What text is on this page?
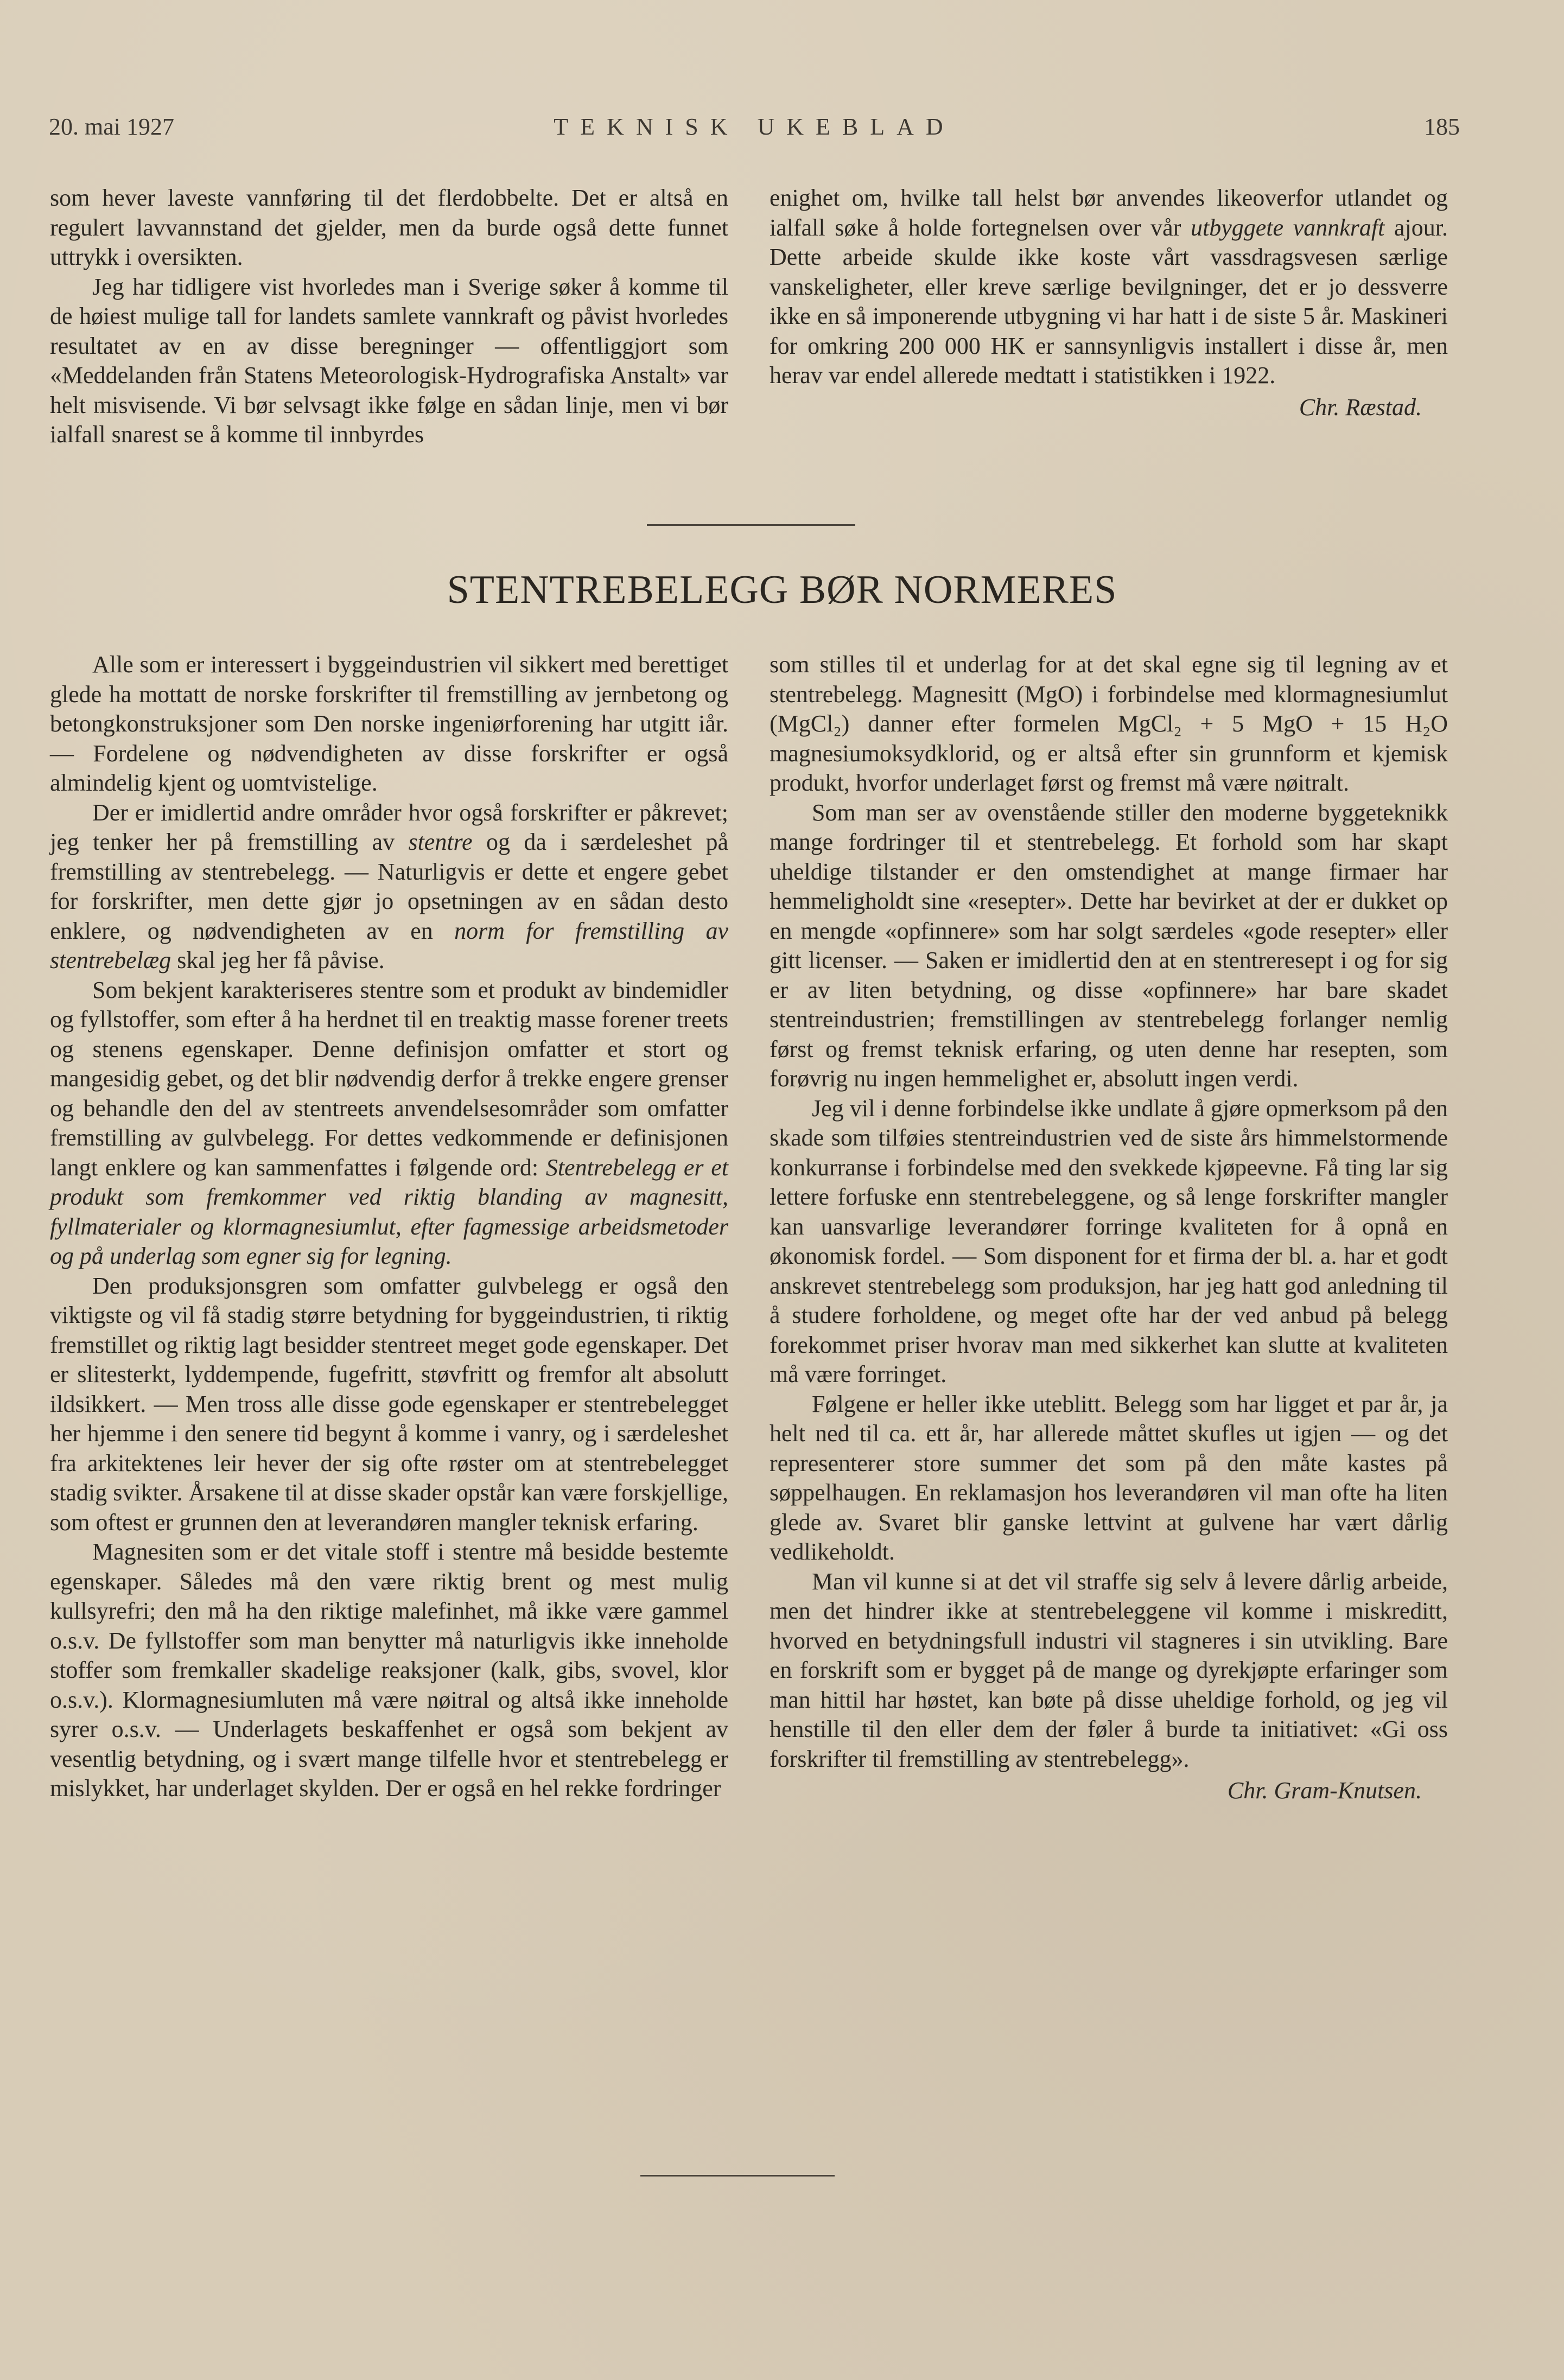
20. mai 1927	TEKNISK UKEBLAD	185

som hever laveste vannføring til det flerdobbelte. Det er altså en regulert lavvannstand det gjelder, men da burde også dette funnet uttrykk i oversikten.

Jeg har tidligere vist hvorledes man i Sverige søker å komme til de høiest mulige tall for landets samlete vannkraft og påvist hvorledes resultatet av en av disse beregninger — offentliggjort som «Meddelanden från Statens Meteorologisk-Hydrografiska Anstalt» var helt misvisende. Vi bør selvsagt ikke følge en sådan linje, men vi bør ialfall snarest se å komme til innbyrdes

enighet om, hvilke tall helst bør anvendes likeoverfor utlandet og ialfall søke å holde fortegnelsen over vår utbyggete vannkraft ajour. Dette arbeide skulde ikke koste vårt vassdragsvesen særlige vanskeligheter, eller kreve særlige bevilgninger, det er jo dessverre ikke en så imponerende utbygning vi har hatt i de siste 5 år. Maskineri for omkring 200 000 HK er sannsynligvis installert i disse år, men herav var endel allerede medtatt i statistikken i 1922.

Chr. Ræstad.

STENTREBELEGG BØR NORMERES

Alle som er interessert i byggeindustrien vil sikkert med berettiget glede ha mottatt de norske forskrifter til fremstilling av jernbetong og betongkonstruksjoner som Den norske ingeniørforening har utgitt iår. — Fordelene og nødvendigheten av disse forskrifter er også almindelig kjent og uomtvistelige.

Der er imidlertid andre områder hvor også forskrifter er påkrevet; jeg tenker her på fremstilling av stentre og da i særdeleshet på fremstilling av stentrebelegg. — Naturligvis er dette et engere gebet for forskrifter, men dette gjør jo opsetningen av en sådan desto enklere, og nødvendigheten av en norm for fremstilling av stentrebelæg skal jeg her få påvise.

Som bekjent karakteriseres stentre som et produkt av bindemidler og fyllstoffer, som efter å ha herdnet til en treaktig masse forener treets og stenens egenskaper. Denne definisjon omfatter et stort og mangesidig gebet, og det blir nødvendig derfor å trekke engere grenser og behandle den del av stentreets anvendelsesområder som omfatter fremstilling av gulvbelegg. For dettes vedkommende er definisjonen langt enklere og kan sammenfattes i følgende ord: Stentrebelegg er et produkt som fremkommer ved riktig blanding av magnesitt, fyllmaterialer og klormagnesiumlut, efter fagmessige arbeidsmetoder og på underlag som egner sig for legning.

Den produksjonsgren som omfatter gulvbelegg er også den viktigste og vil få stadig større betydning for byggeindustrien, ti riktig fremstillet og riktig lagt besidder stentreet meget gode egenskaper. Det er slitesterkt, lyddempende, fugefritt, støvfritt og fremfor alt absolutt ildsikkert. — Men tross alle disse gode egenskaper er stentrebelegget her hjemme i den senere tid begynt å komme i vanry, og i særdeleshet fra arkitektenes leir hever der sig ofte røster om at stentrebelegget stadig svikter. Årsakene til at disse skader opstår kan være forskjellige, som oftest er grunnen den at leverandøren mangler teknisk erfaring.

Magnesiten som er det vitale stoff i stentre må besidde bestemte egenskaper. Således må den være riktig brent og mest mulig kullsyrefri; den må ha den riktige malefinhet, må ikke være gammel o.s.v. De fyllstoffer som man benytter må naturligvis ikke inneholde stoffer som fremkaller skadelige reaksjoner (kalk, gibs, svovel, klor o.s.v.). Klormagnesiumluten må være nøitral og altså ikke inneholde syrer o.s.v. — Underlagets beskaffenhet er også som bekjent av vesentlig betydning, og i svært mange tilfelle hvor et stentrebelegg er mislykket, har underlaget skylden. Der er også en hel rekke fordringer

som stilles til et underlag for at det skal egne sig til legning av et stentrebelegg. Magnesitt (MgO) i forbindelse med klormagnesiumlut (MgCl₂) danner efter formelen MgCl₂ + 5 MgO + 15 H₂O magnesiumoksydklorid, og er altså efter sin grunnform et kjemisk produkt, hvorfor underlaget først og fremst må være nøitralt.

Som man ser av ovenstående stiller den moderne byggeteknikk mange fordringer til et stentrebelegg. Et forhold som har skapt uheldige tilstander er den omstendighet at mange firmaer har hemmeligholdt sine «resepter». Dette har bevirket at der er dukket op en mengde «opfinnere» som har solgt særdeles «gode resepter» eller gitt licenser. — Saken er imidlertid den at en stentreresept i og for sig er av liten betydning, og disse «opfinnere» har bare skadet stentreindustrien; fremstillingen av stentrebelegg forlanger nemlig først og fremst teknisk erfaring, og uten denne har resepten, som forøvrig nu ingen hemmelighet er, absolutt ingen verdi.

Jeg vil i denne forbindelse ikke undlate å gjøre opmerksom på den skade som tilføies stentreindustrien ved de siste års himmelstormende konkurranse i forbindelse med den svekkede kjøpeevne. Få ting lar sig lettere forfuske enn stentrebeleggene, og så lenge forskrifter mangler kan uansvarlige leverandører forringe kvaliteten for å opnå en økonomisk fordel. — Som disponent for et firma der bl. a. har et godt anskrevet stentrebelegg som produksjon, har jeg hatt god anledning til å studere forholdene, og meget ofte har der ved anbud på belegg forekommet priser hvorav man med sikkerhet kan slutte at kvaliteten må være forringet.

Følgene er heller ikke uteblitt. Belegg som har ligget et par år, ja helt ned til ca. ett år, har allerede måttet skufles ut igjen — og det representerer store summer det som på den måte kastes på søppelhaugen. En reklamasjon hos leverandøren vil man ofte ha liten glede av. Svaret blir ganske lettvint at gulvene har vært dårlig vedlikeholdt.

Man vil kunne si at det vil straffe sig selv å levere dårlig arbeide, men det hindrer ikke at stentrebeleggene vil komme i miskreditt, hvorved en betydningsfull industri vil stagneres i sin utvikling. Bare en forskrift som er bygget på de mange og dyrekjøpte erfaringer som man hittil har høstet, kan bøte på disse uheldige forhold, og jeg vil henstille til den eller dem der føler å burde ta initiativet: «Gi oss forskrifter til fremstilling av stentrebelegg».

Chr. Gram-Knutsen.
